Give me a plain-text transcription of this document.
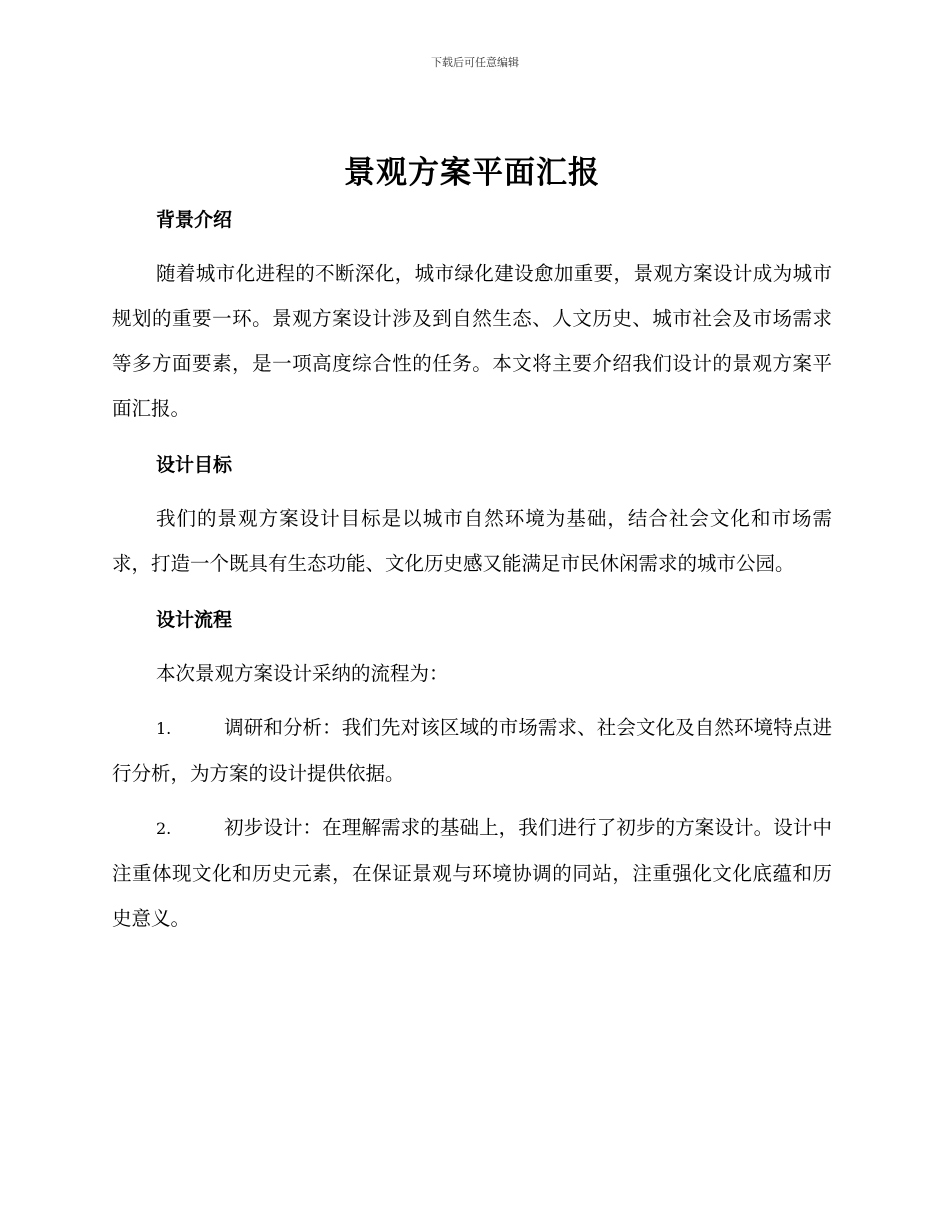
下载后可任意编辑
景观方案平面汇报
背景介绍

随着城市化进程的不断深化，城市绿化建设愈加重要，景观方案设计成为城市规划的重要一环。景观方案设计涉及到自然生态、人文历史、城市社会及市场需求等多方面要素，是一项高度综合性的任务。本文将主要介绍我们设计的景观方案平面汇报。

设计目标

我们的景观方案设计目标是以城市自然环境为基础，结合社会文化和市场需求，打造一个既具有生态功能、文化历史感又能满足市民休闲需求的城市公园。

设计流程

本次景观方案设计采纳的流程为：

1.	调研和分析：我们先对该区域的市场需求、社会文化及自然环境特点进行分析，为方案的设计提供依据。

2.	初步设计：在理解需求的基础上，我们进行了初步的方案设计。设计中注重体现文化和历史元素，在保证景观与环境协调的同站，注重强化文化底蕴和历史意义。
